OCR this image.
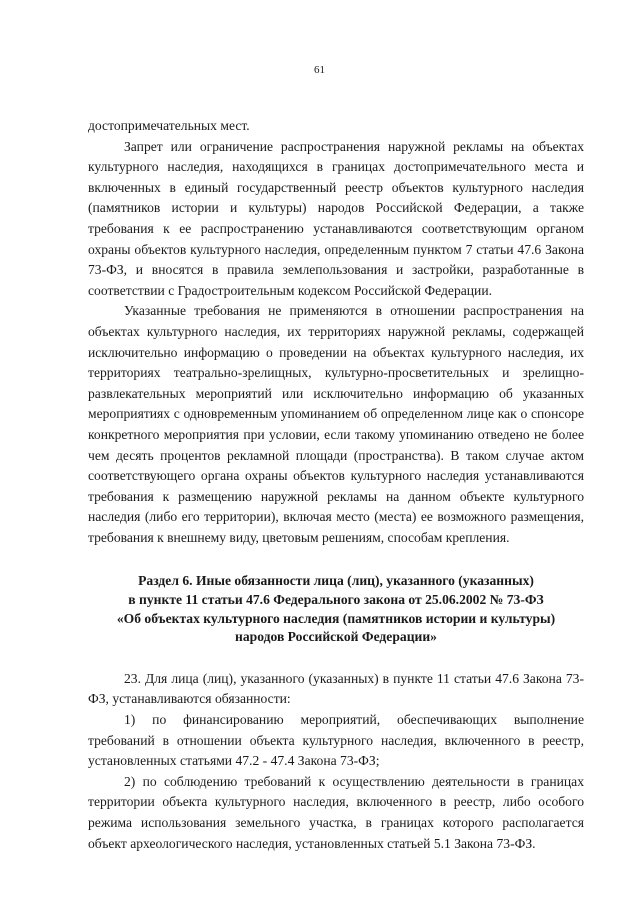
61

достопримечательных мест.

Запрет или ограничение распространения наружной рекламы на объектах культурного наследия, находящихся в границах достопримечательного места и включенных в единый государственный реестр объектов культурного наследия (памятников истории и культуры) народов Российской Федерации, а также требования к ее распространению устанавливаются соответствующим органом охраны объектов культурного наследия, определенным пунктом 7 статьи 47.6 Закона 73-ФЗ, и вносятся в правила землепользования и застройки, разработанные в соответствии с Градостроительным кодексом Российской Федерации.

Указанные требования не применяются в отношении распространения на объектах культурного наследия, их территориях наружной рекламы, содержащей исключительно информацию о проведении на объектах культурного наследия, их территориях театрально-зрелищных, культурно-просветительных и зрелищно-развлекательных мероприятий или исключительно информацию об указанных мероприятиях с одновременным упоминанием об определенном лице как о спонсоре конкретного мероприятия при условии, если такому упоминанию отведено не более чем десять процентов рекламной площади (пространства). В таком случае актом соответствующего органа охраны объектов культурного наследия устанавливаются требования к размещению наружной рекламы на данном объекте культурного наследия (либо его территории), включая место (места) ее возможного размещения, требования к внешнему виду, цветовым решениям, способам крепления.

Раздел 6. Иные обязанности лица (лиц), указанного (указанных)
в пункте 11 статьи 47.6 Федерального закона от 25.06.2002 № 73-ФЗ
«Об объектах культурного наследия (памятников истории и культуры)
народов Российской Федерации»

23. Для лица (лиц), указанного (указанных) в пункте 11 статьи 47.6 Закона 73-ФЗ, устанавливаются обязанности:

1) по финансированию мероприятий, обеспечивающих выполнение требований в отношении объекта культурного наследия, включенного в реестр, установленных статьями 47.2 - 47.4 Закона 73-ФЗ;

2) по соблюдению требований к осуществлению деятельности в границах территории объекта культурного наследия, включенного в реестр, либо особого режима использования земельного участка, в границах которого располагается объект археологического наследия, установленных статьей 5.1 Закона 73-ФЗ.
